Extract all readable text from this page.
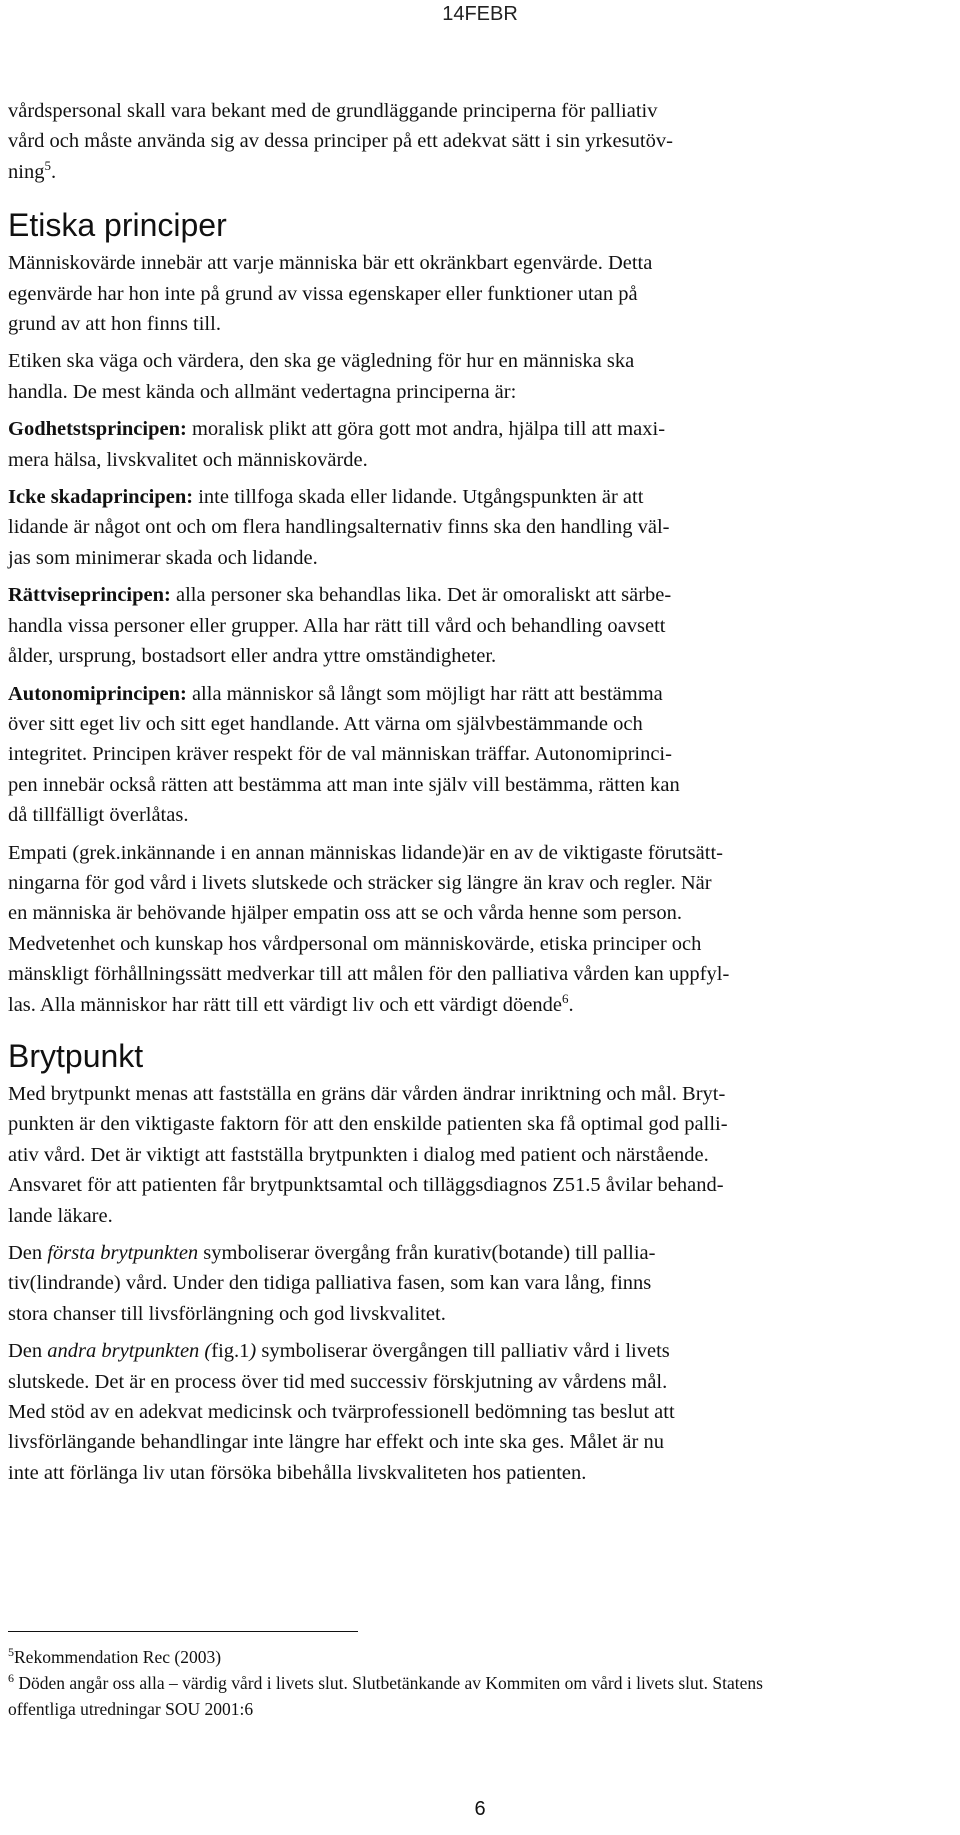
14FEBR

vårdspersonal skall vara bekant med de grundläggande principerna för palliativ
vård och måste använda sig av dessa principer på ett adekvat sätt i sin yrkesutöv-
ning$^5$.

Etiska principer

Människovärde innebär att varje människa bär ett okränkbart egenvärde. Detta
egenvärde har hon inte på grund av vissa egenskaper eller funktioner utan på
grund av att hon finns till.

Etiken ska väga och värdera, den ska ge vägledning för hur en människa ska
handla. De mest kända och allmänt vedertagna principerna är:

Godhetstsprincipen: moralisk plikt att göra gott mot andra, hjälpa till att maxi-
mera hälsa, livskvalitet och människovärde.

Icke skadaprincipen: inte tillfoga skada eller lidande. Utgångspunkten är att
lidande är något ont och om flera handlingsalternativ finns ska den handling väl-
jas som minimerar skada och lidande.

Rättviseprincipen: alla personer ska behandlas lika. Det är omoraliskt att särbe-
handla vissa personer eller grupper. Alla har rätt till vård och behandling oavsett
ålder, ursprung, bostadsort eller andra yttre omständigheter.

Autonomiprincipen: alla människor så långt som möjligt har rätt att bestämma
över sitt eget liv och sitt eget handlande. Att värna om självbestämmande och
integritet. Principen kräver respekt för de val människan träffar. Autonomiprinci-
pen innebär också rätten att bestämma att man inte själv vill bestämma, rätten kan
då tillfälligt överlåtas.

Empati (grek.inkännande i en annan människas lidande)är en av de viktigaste förutsätt-
ningarna för god vård i livets slutskede och sträcker sig längre än krav och regler. När
en människa är behövande hjälper empatin oss att se och vårda henne som person.
Medvetenhet och kunskap hos vårdpersonal om människovärde, etiska principer och
mänskligt förhållningssätt medverkar till att målen för den palliativa vården kan uppfyl-
las. Alla människor har rätt till ett värdigt liv och ett värdigt döende$^6$.

Brytpunkt

Med brytpunkt menas att fastställa en gräns där vården ändrar inriktning och mål. Bryt-
punkten är den viktigaste faktorn för att den enskilde patienten ska få optimal god palli-
ativ vård. Det är viktigt att fastställa brytpunkten i dialog med patient och närstående.
Ansvaret för att patienten får brytpunktsamtal och tilläggsdiagnos Z51.5 åvilar behand-
lande läkare.

Den första brytpunkten symboliserar övergång från kurativ(botande) till pallia-
tiv(lindrande) vård. Under den tidiga palliativa fasen, som kan vara lång, finns
stora chanser till livsförlängning och god livskvalitet.

Den andra brytpunkten (fig.1) symboliserar övergången till palliativ vård i livets
slutskede. Det är en process över tid med successiv förskjutning av vårdens mål.
Med stöd av en adekvat medicinsk och tvärprofessionell bedömning tas beslut att
livsförlängande behandlingar inte längre har effekt och inte ska ges. Målet är nu
inte att förlänga liv utan försöka bibehålla livskvaliteten hos patienten.

$^5$Rekommendation Rec (2003)

$^6$ Döden angår oss alla – värdig vård i livets slut. Slutbetänkande av Kommiten om vård i livets slut. Statens
offentliga utredningar SOU 2001:6

6
